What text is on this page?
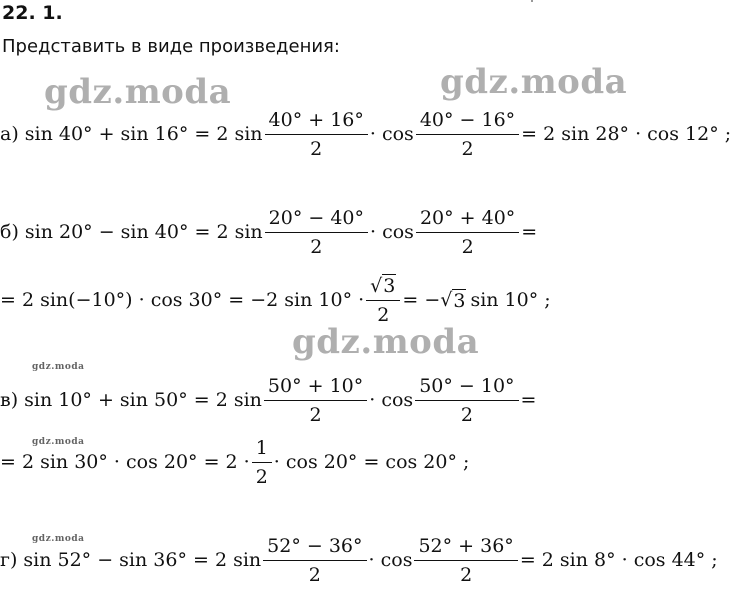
22. 1.
Представить в виде произведения:
gdz.moda	gdz.moda
gdz.moda
gdz.moda
gdz.moda
gdz.moda
а) sin 40° + sin 16° = 2 $\sin \frac{40^\circ + 16^\circ}{2} \cdot \cos \frac{40^\circ - 16^\circ}{2} = 2$ sin 28° · cos 12° ;
б) sin 20° − sin 40° = 2 $\sin \frac{20^\circ - 40^\circ}{2} \cdot \cos \frac{20^\circ + 40^\circ}{2}$ =
= 2 sin(−10°) · cos 30° = −2 $\sin 10^\circ \cdot \frac{√ 3}{2}$ = − √ 3 sin 10° ;
в) sin 10° + sin 50° = 2 $\sin \frac{50^\circ + 10^\circ}{2} \cdot \cos \frac{50^\circ - 10^\circ}{2}$ =
= 2 $\sin 30^\circ \cdot \cos 20^\circ = 2 \cdot \frac{1}{2} \cdot \cos 20^\circ = \cos 20^\circ$ ;
г) sin 52° − sin 36° = 2 $\sin \frac{52^\circ - 36^\circ}{2} \cdot \cos \frac{52^\circ + 36^\circ}{2} = 2$ sin 8° · cos 44° ;
